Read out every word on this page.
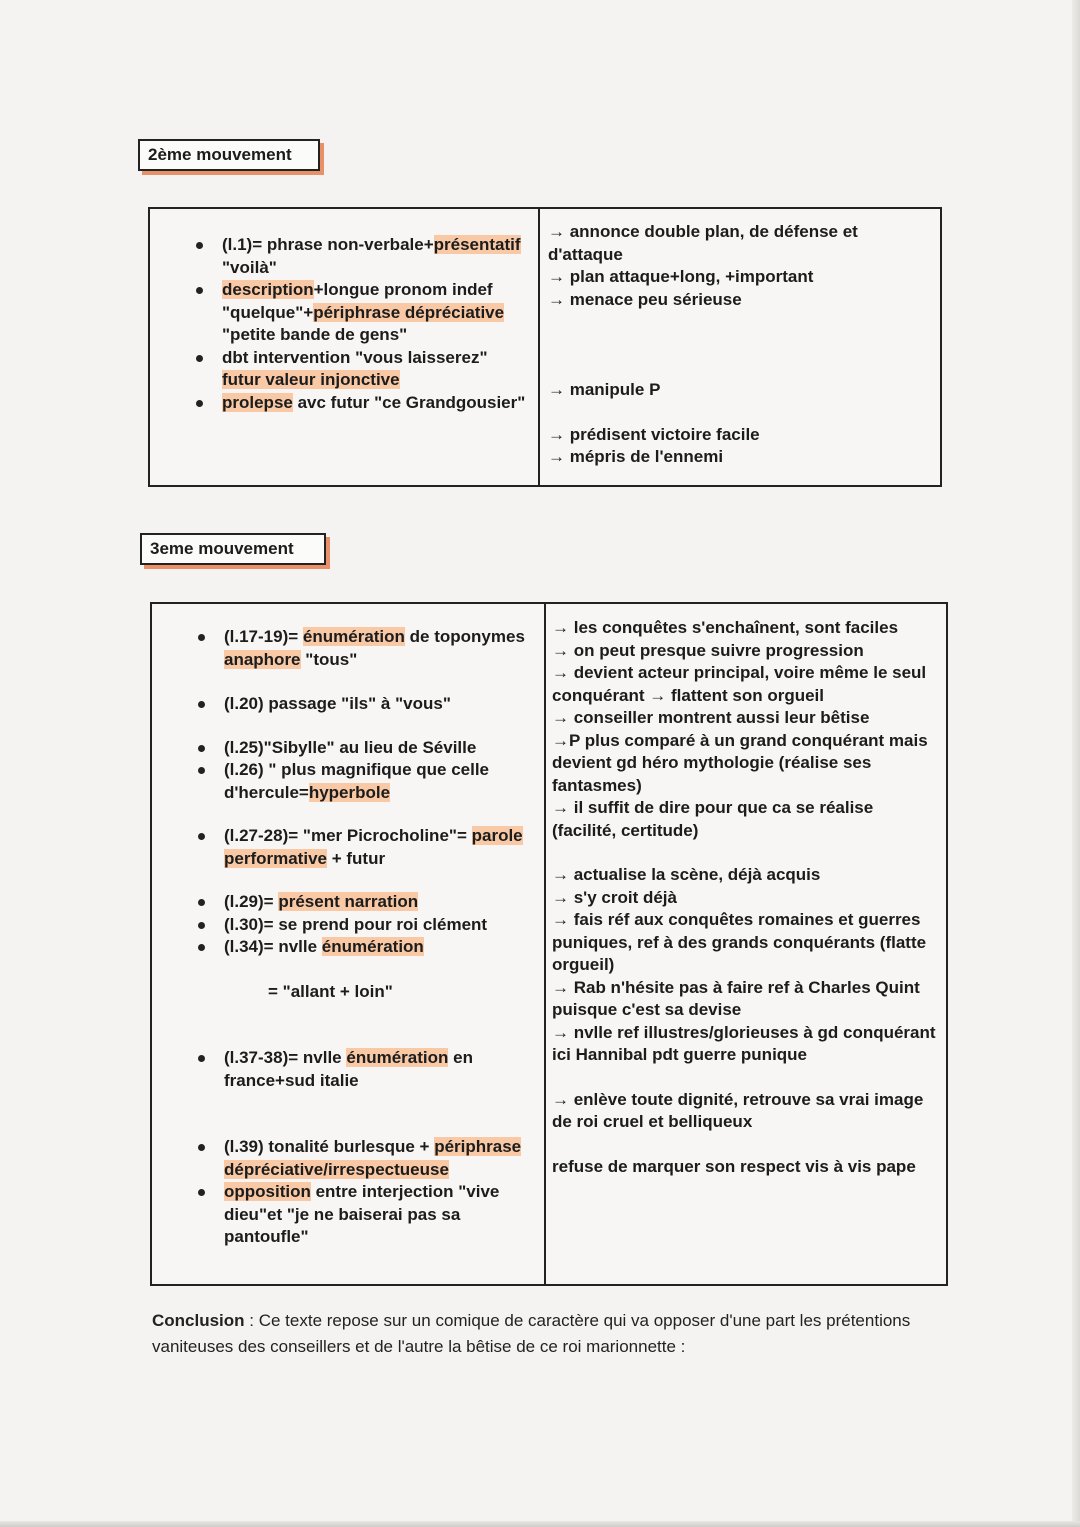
2ème mouvement
(l.1)= phrase non-verbale+présentatif "voilà"
description+longue pronom indef "quelque"+périphrase dépréciative "petite bande de gens"
dbt intervention "vous laisserez" futur valeur injonctive
prolepse avc futur "ce Grandgousier"
→ annonce double plan, de défense et d'attaque
→ plan attaque+long, +important
→ menace peu sérieuse
→ manipule P
→ prédisent victoire facile
→ mépris de l'ennemi
3eme mouvement
(l.17-19)= énumération de toponymes anaphore "tous"
(l.20) passage "ils" à "vous"
(l.25)"Sibylle" au lieu de Séville
(l.26) " plus magnifique que celle d'hercule=hyperbole
(l.27-28)= "mer Picrocholine"= parole performative + futur
(l.29)= présent narration
(l.30)= se prend pour roi clément
(l.34)= nvlle énumération
= "allant + loin"
(l.37-38)= nvlle énumération en france+sud italie
(l.39) tonalité burlesque + périphrase dépréciative/irrespectueuse
opposition entre interjection "vive dieu"et "je ne baiserai pas sa pantoufle"
→ les conquêtes s'enchaînent, sont faciles
→ on peut presque suivre progression
→ devient acteur principal, voire même le seul conquérant → flattent son orgueil
→ conseiller montrent aussi leur bêtise
→P plus comparé à un grand conquérant mais devient gd héro mythologie (réalise ses fantasmes)
→ il suffit de dire pour que ca se réalise (facilité, certitude)
→ actualise la scène, déjà acquis
→ s'y croit déjà
→ fais réf aux conquêtes romaines et guerres puniques, ref à des grands conquérants (flatte orgueil)
→ Rab n'hésite pas à faire ref à Charles Quint puisque c'est sa devise
→ nvlle ref illustres/glorieuses à gd conquérant ici Hannibal pdt guerre punique
→ enlève toute dignité, retrouve sa vrai image de roi cruel et belliqueux
refuse de marquer son respect vis à vis pape
Conclusion : Ce texte repose sur un comique de caractère qui va opposer d'une part les prétentions vaniteuses des conseillers et de l'autre la bêtise de ce roi marionnette :
